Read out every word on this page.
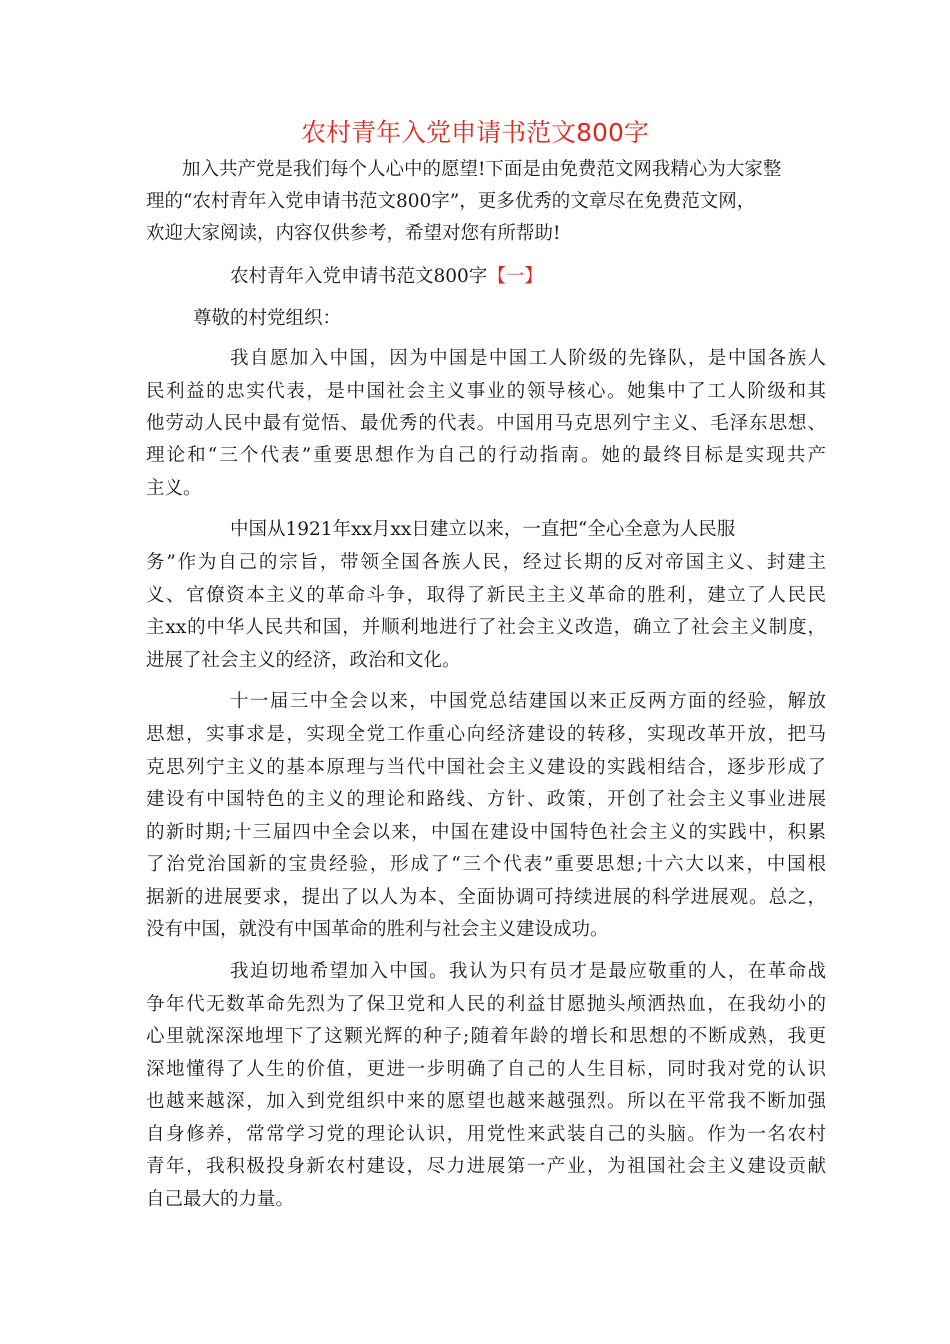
农村青年入党申请书范文800字
加入共产党是我们每个人心中的愿望!下面是由免费范文网我精心为大家整
理的“农村青年入党申请书范文800字”，更多优秀的文章尽在免费范文网，
欢迎大家阅读，内容仅供参考，希望对您有所帮助!
农村青年入党申请书范文800字【一】
尊敬的村党组织：
我自愿加入中国，因为中国是中国工人阶级的先锋队，是中国各族人
民利益的忠实代表，是中国社会主义事业的领导核心。她集中了工人阶级和其
他劳动人民中最有觉悟、最优秀的代表。中国用马克思列宁主义、毛泽东思想、
理论和“三个代表”重要思想作为自己的行动指南。她的最终目标是实现共产
主义。
中国从1921年xx月xx日建立以来，一直把“全心全意为人民服
务”作为自己的宗旨，带领全国各族人民，经过长期的反对帝国主义、封建主
义、官僚资本主义的革命斗争，取得了新民主主义革命的胜利，建立了人民民
主xx的中华人民共和国，并顺利地进行了社会主义改造，确立了社会主义制度，
进展了社会主义的经济，政治和文化。
十一届三中全会以来，中国党总结建国以来正反两方面的经验，解放
思想，实事求是，实现全党工作重心向经济建设的转移，实现改革开放，把马
克思列宁主义的基本原理与当代中国社会主义建设的实践相结合，逐步形成了
建设有中国特色的主义的理论和路线、方针、政策，开创了社会主义事业进展
的新时期;十三届四中全会以来，中国在建设中国特色社会主义的实践中，积累
了治党治国新的宝贵经验，形成了“三个代表”重要思想;十六大以来，中国根
据新的进展要求，提出了以人为本、全面协调可持续进展的科学进展观。总之，
没有中国，就没有中国革命的胜利与社会主义建设成功。
我迫切地希望加入中国。我认为只有员才是最应敬重的人，在革命战
争年代无数革命先烈为了保卫党和人民的利益甘愿抛头颅洒热血，在我幼小的
心里就深深地埋下了这颗光辉的种子;随着年龄的增长和思想的不断成熟，我更
深地懂得了人生的价值，更进一步明确了自己的人生目标，同时我对党的认识
也越来越深，加入到党组织中来的愿望也越来越强烈。所以在平常我不断加强
自身修养，常常学习党的理论认识，用党性来武装自己的头脑。作为一名农村
青年，我积极投身新农村建设，尽力进展第一产业，为祖国社会主义建设贡献
自己最大的力量。
